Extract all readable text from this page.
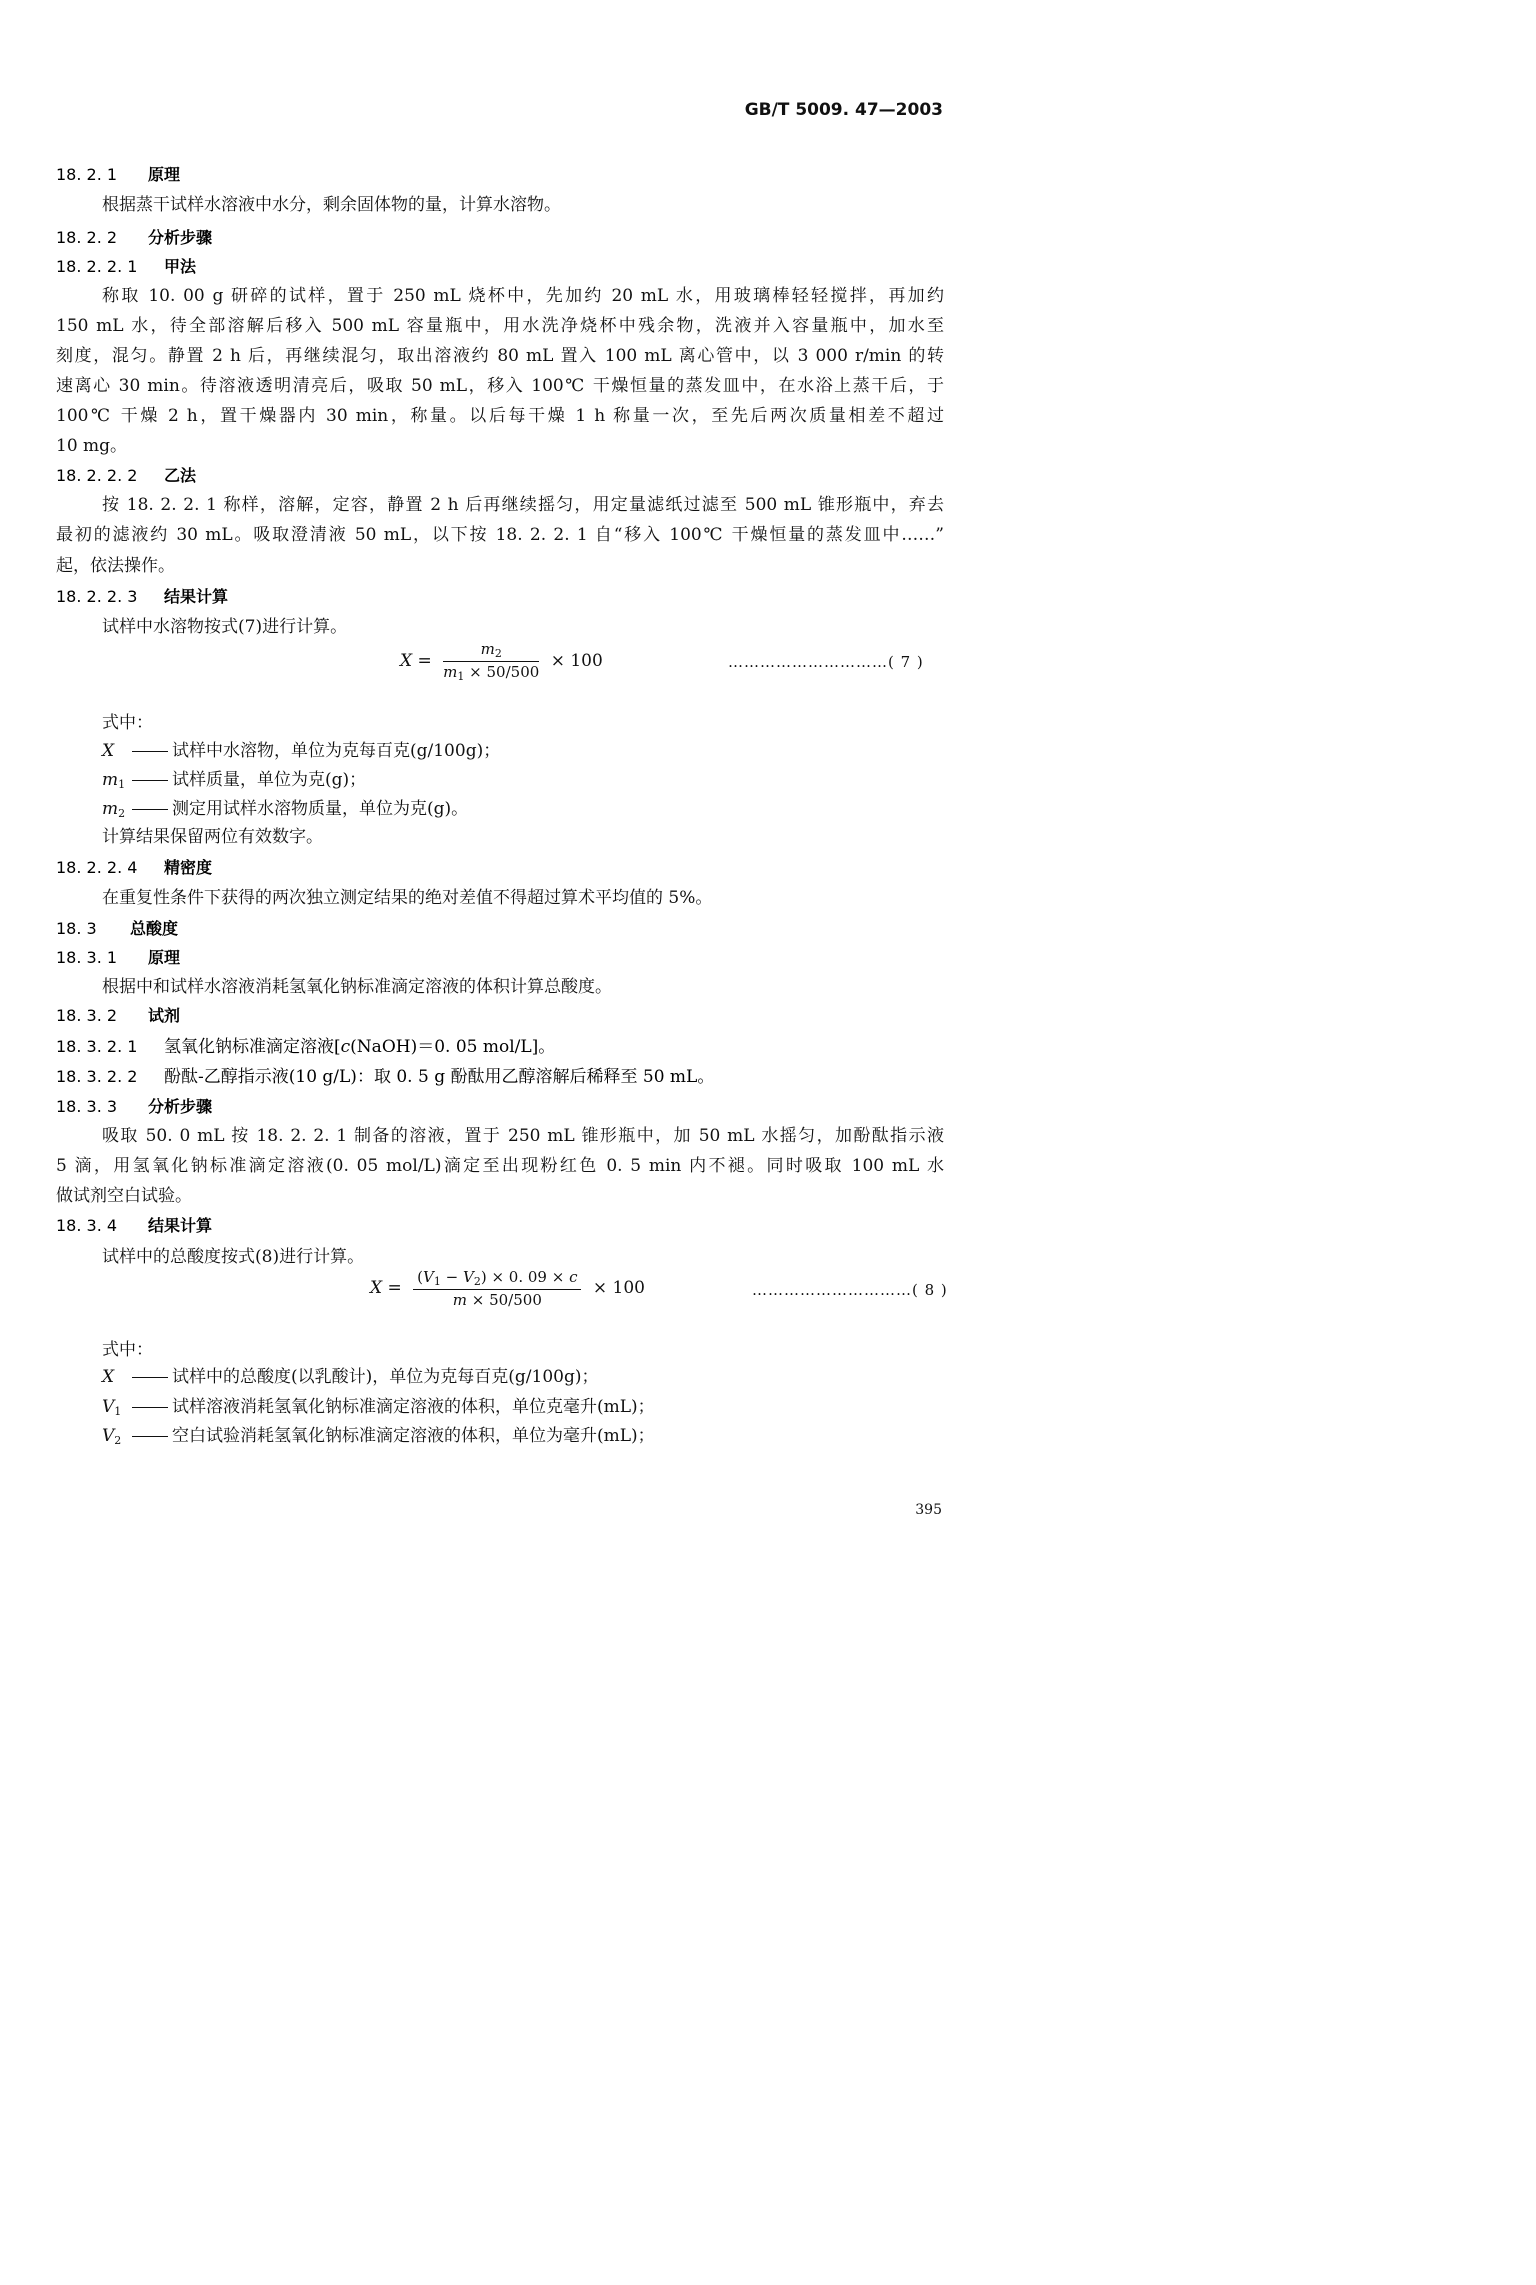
GB/T 5009. 47—2003
18. 2. 1 原理
根据蒸干试样水溶液中水分，剩余固体物的量，计算水溶物。
18. 2. 2 分析步骤
18. 2. 2. 1 甲法
称取 10. 00 g 研碎的试样，置于 250 mL 烧杯中，先加约 20 mL 水，用玻璃棒轻轻搅拌，再加约
150 mL 水，待全部溶解后移入 500 mL 容量瓶中，用水洗净烧杯中残余物，洗液并入容量瓶中，加水至
刻度，混匀。静置 2 h 后，再继续混匀，取出溶液约 80 mL 置入 100 mL 离心管中，以 3 000 r/min 的转
速离心 30 min。待溶液透明清亮后，吸取 50 mL，移入 100℃ 干燥恒量的蒸发皿中，在水浴上蒸干后，于
100℃ 干燥 2 h，置干燥器内 30 min，称量。以后每干燥 1 h 称量一次，至先后两次质量相差不超过
10 mg。
18. 2. 2. 2 乙法
按 18. 2. 2. 1 称样，溶解，定容，静置 2 h 后再继续摇匀，用定量滤纸过滤至 500 mL 锥形瓶中，弃去
最初的滤液约 30 mL。吸取澄清液 50 mL，以下按 18. 2. 2. 1 自“移入 100℃ 干燥恒量的蒸发皿中……”
起，依法操作。
18. 2. 2. 3 结果计算
试样中水溶物按式(7)进行计算。
$X = \frac{m_2}{m_1 \times 50/500} \times 100$	…………………………( 7 )
式中：
X	试样中水溶物，单位为克每百克(g/100g)；
$m_1$	试样质量，单位为克(g)；
$m_2$	测定用试样水溶物质量，单位为克(g)。
计算结果保留两位有效数字。
18. 2. 2. 4 精密度
在重复性条件下获得的两次独立测定结果的绝对差值不得超过算术平均值的 5%。
18. 3 总酸度
18. 3. 1 原理
根据中和试样水溶液消耗氢氧化钠标准滴定溶液的体积计算总酸度。
18. 3. 2 试剂
18. 3. 2. 1 氢氧化钠标准滴定溶液[c(NaOH)＝0. 05 mol/L]。
18. 3. 2. 2 酚酞-乙醇指示液(10 g/L)：取 0. 5 g 酚酞用乙醇溶解后稀释至 50 mL。
18. 3. 3 分析步骤
吸取 50. 0 mL 按 18. 2. 2. 1 制备的溶液，置于 250 mL 锥形瓶中，加 50 mL 水摇匀，加酚酞指示液
5 滴，用氢氧化钠标准滴定溶液(0. 05 mol/L)滴定至出现粉红色 0. 5 min 内不褪。同时吸取 100 mL 水
做试剂空白试验。
18. 3. 4 结果计算
试样中的总酸度按式(8)进行计算。
$X = \frac{(V_1 - V_2) \times 0. 09 \times c}{m \times 50/500} \times 100$	…………………………( 8 )
式中：
X	试样中的总酸度(以乳酸计)，单位为克每百克(g/100g)；
$V_1$	试样溶液消耗氢氧化钠标准滴定溶液的体积，单位克毫升(mL)；
$V_2$	空白试验消耗氢氧化钠标准滴定溶液的体积，单位为毫升(mL)；
395
